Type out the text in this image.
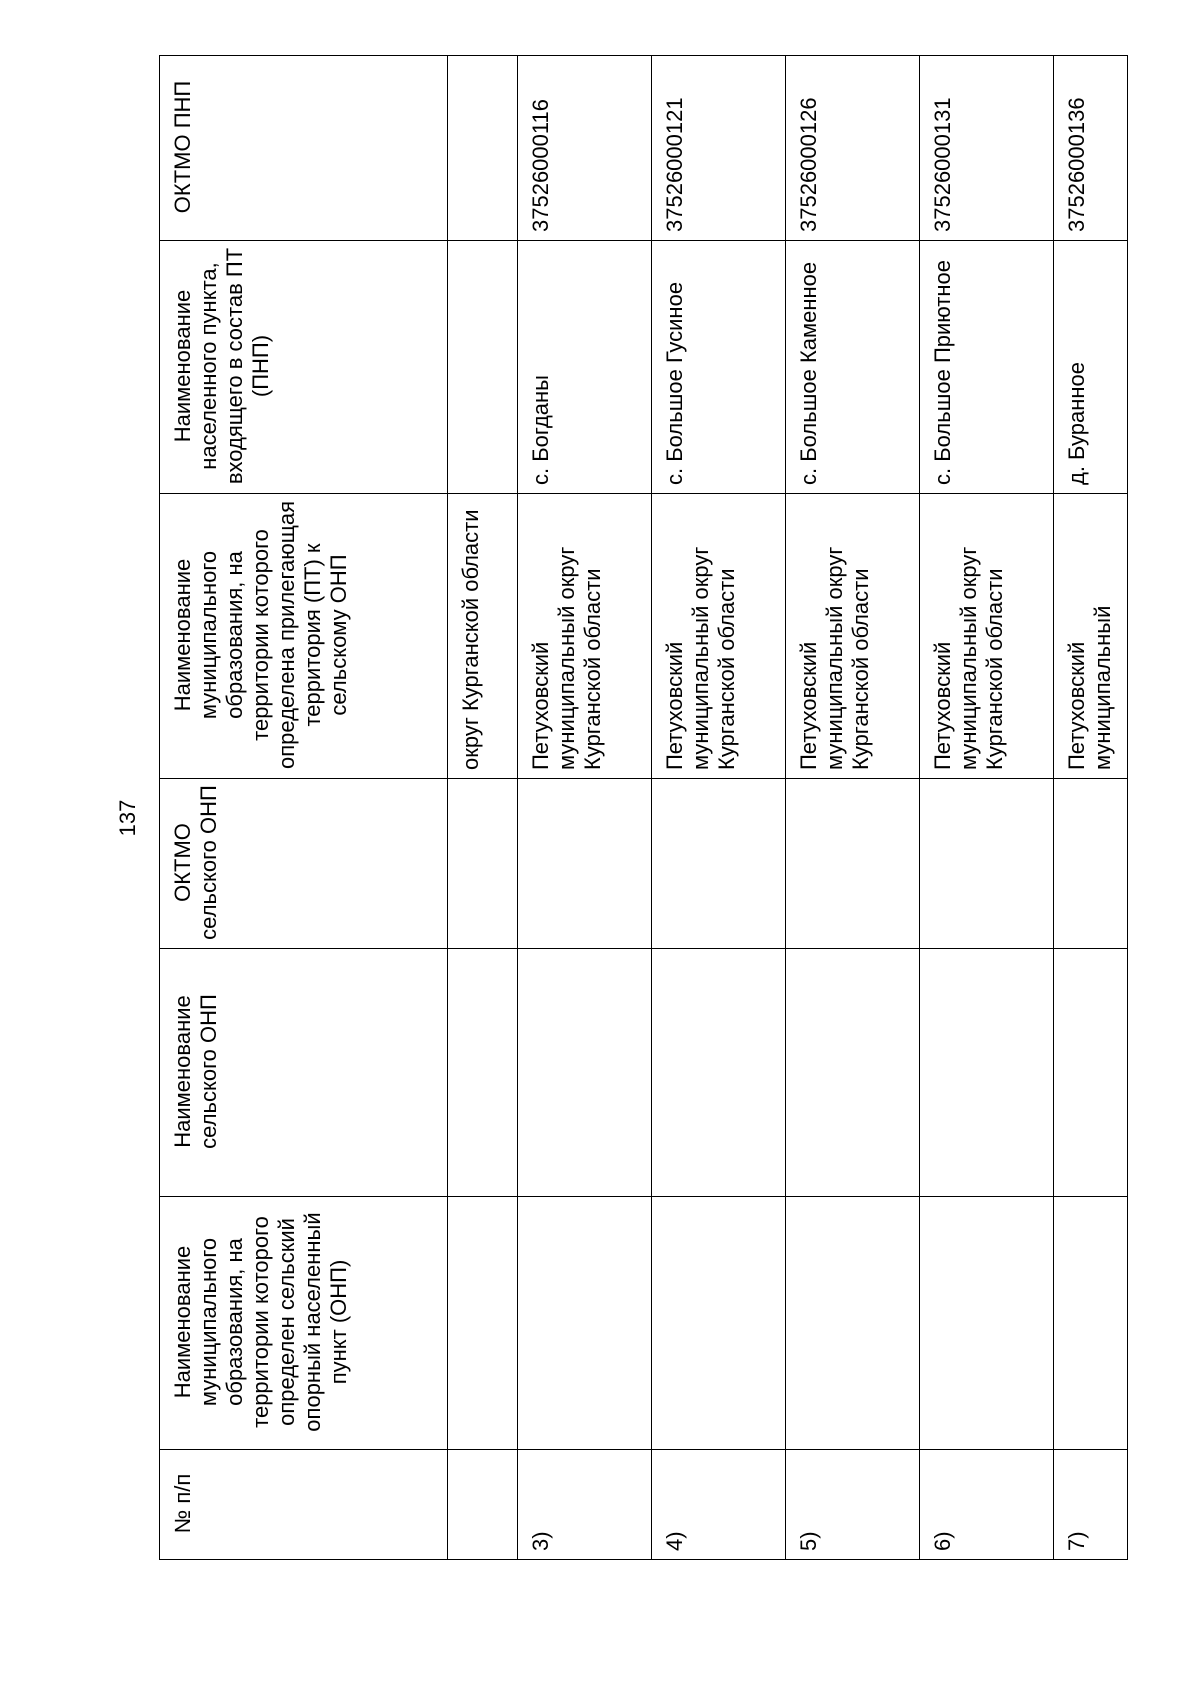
137
№ п/п	Наименование муниципального образования, на территории которого определен сельский опорный населенный пункт (ОНП)	Наименование сельского ОНП	ОКТМО сельского ОНП	Наименование муниципального образования, на территории которого определена прилегающая территория (ПТ) к сельскому ОНП	Наименование населенного пункта, входящего в состав ПТ (ПНП)	ОКТМО ПНП
				округ Курганской области		
3)				Петуховский муниципальный округ Курганской области	с. Богданы	37526000116
4)				Петуховский муниципальный округ Курганской области	с. Большое Гусиное	37526000121
5)				Петуховский муниципальный округ Курганской области	с. Большое Каменное	37526000126
6)				Петуховский муниципальный округ Курганской области	с. Большое Приютное	37526000131
7)				Петуховский муниципальный	д. Буранное	37526000136
